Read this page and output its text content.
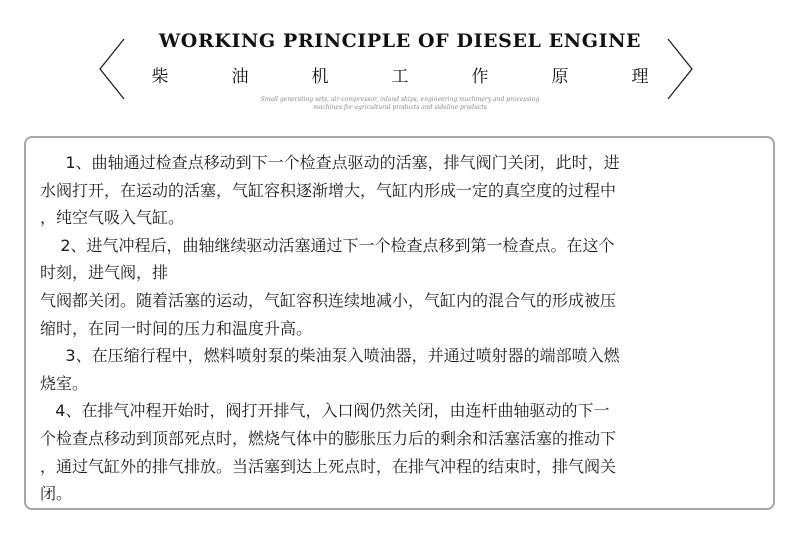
WORKING PRINCIPLE OF DIESEL ENGINE
柴	油	机	工	作	原	理
Small generating sets, air-compressor, inland ships, engineering machinery and processing
machines for agricultural products and sideline products

1、曲轴通过检查点移动到下一个检查点驱动的活塞，排气阀门关闭，此时，进

水阀打开，在运动的活塞，气缸容积逐渐增大，气缸内形成一定的真空度的过程中

，纯空气吸入气缸。

2、进气冲程后，曲轴继续驱动活塞通过下一个检查点移到第一检查点。在这个

时刻，进气阀，排

气阀都关闭。随着活塞的运动，气缸容积连续地减小，气缸内的混合气的形成被压

缩时，在同一时间的压力和温度升高。

3、在压缩行程中，燃料喷射泵的柴油泵入喷油器，并通过喷射器的端部喷入燃

烧室。

4、在排气冲程开始时，阀打开排气，入口阀仍然关闭，由连杆曲轴驱动的下一

个检查点移动到顶部死点时，燃烧气体中的膨胀压力后的剩余和活塞活塞的推动下

，通过气缸外的排气排放。当活塞到达上死点时，在排气冲程的结束时，排气阀关

闭。
